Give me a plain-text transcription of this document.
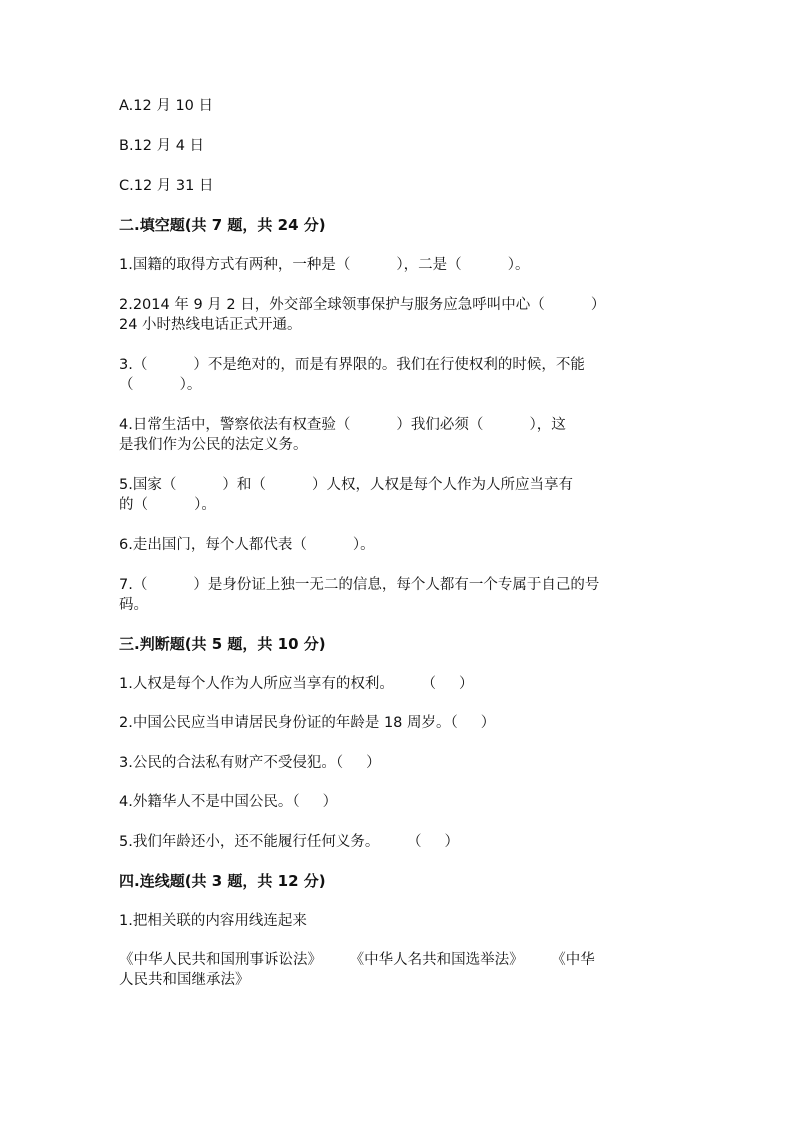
A.12 月 10 日
B.12 月 4 日
C.12 月 31 日
二.填空题(共 7 题，共 24 分)
1.国籍的取得方式有两种，一种是（          ），二是（          ）。
2.2014 年 9 月 2 日，外交部全球领事保护与服务应急呼叫中心（          ）
24 小时热线电话正式开通。
3.（          ）不是绝对的，而是有界限的。我们在行使权利的时候，不能
（          ）。
4.日常生活中，警察依法有权查验（          ）我们必须（          ），这
是我们作为公民的法定义务。
5.国家（          ）和（          ）人权，人权是每个人作为人所应当享有
的（          ）。
6.走出国门，每个人都代表（          ）。
7.（          ）是身份证上独一无二的信息，每个人都有一个专属于自己的号
码。
三.判断题(共 5 题，共 10 分)
1.人权是每个人作为人所应当享有的权利。      （     ）
2.中国公民应当申请居民身份证的年龄是 18 周岁。（     ）
3.公民的合法私有财产不受侵犯。（     ）
4.外籍华人不是中国公民。（     ）
5.我们年龄还小，还不能履行任何义务。      （     ）
四.连线题(共 3 题，共 12 分)
1.把相关联的内容用线连起来
《中华人民共和国刑事诉讼法》      《中华人名共和国选举法》      《中华
人民共和国继承法》
